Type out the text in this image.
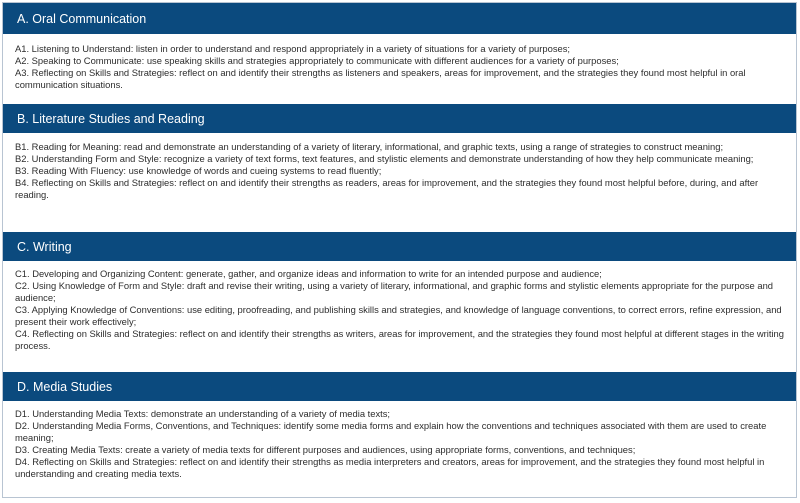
A. Oral Communication

A1. Listening to Understand: listen in order to understand and respond appropriately in a variety of situations for a variety of purposes;

A2. Speaking to Communicate: use speaking skills and strategies appropriately to communicate with different audiences for a variety of purposes;

A3. Reflecting on Skills and Strategies: reflect on and identify their strengths as listeners and speakers, areas for improvement, and the strategies they found most helpful in oral communication situations.

B. Literature Studies and Reading

B1. Reading for Meaning: read and demonstrate an understanding of a variety of literary, informational, and graphic texts, using a range of strategies to construct meaning;

B2. Understanding Form and Style: recognize a variety of text forms, text features, and stylistic elements and demonstrate understanding of how they help communicate meaning;

B3. Reading With Fluency: use knowledge of words and cueing systems to read fluently;

B4. Reflecting on Skills and Strategies: reflect on and identify their strengths as readers, areas for improvement, and the strategies they found most helpful before, during, and after reading.

C. Writing

C1. Developing and Organizing Content: generate, gather, and organize ideas and information to write for an intended purpose and audience;

C2. Using Knowledge of Form and Style: draft and revise their writing, using a variety of literary, informational, and graphic forms and stylistic elements appropriate for the purpose and audience;

C3. Applying Knowledge of Conventions: use editing, proofreading, and publishing skills and strategies, and knowledge of language conventions, to correct errors, refine expression, and present their work effectively;

C4. Reflecting on Skills and Strategies: reflect on and identify their strengths as writers, areas for improvement, and the strategies they found most helpful at different stages in the writing process.

D. Media Studies

D1. Understanding Media Texts: demonstrate an understanding of a variety of media texts;

D2. Understanding Media Forms, Conventions, and Techniques: identify some media forms and explain how the conventions and techniques associated with them are used to create meaning;

D3. Creating Media Texts: create a variety of media texts for different purposes and audiences, using appropriate forms, conventions, and techniques;

D4. Reflecting on Skills and Strategies: reflect on and identify their strengths as media interpreters and creators, areas for improvement, and the strategies they found most helpful in understanding and creating media texts.
